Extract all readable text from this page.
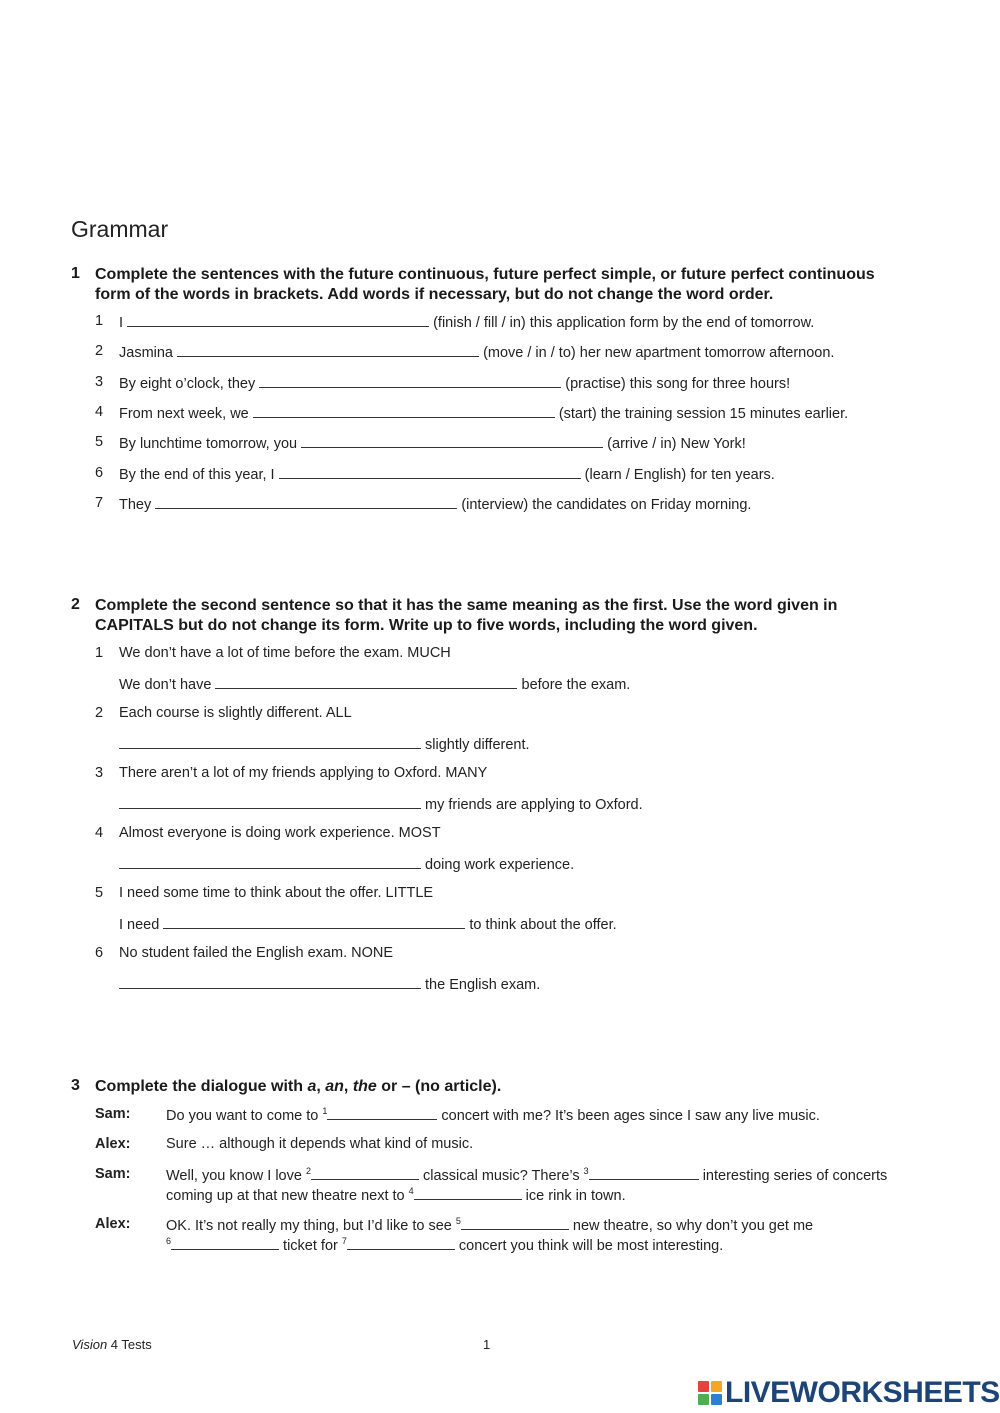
Grammar
1 Complete the sentences with the future continuous, future perfect simple, or future perfect continuous
form of the words in brackets. Add words if necessary, but do not change the word order.
1 I	(finish / fill / in) this application form by the end of tomorrow.
2 Jasmina	(move / in / to) her new apartment tomorrow afternoon.
3 By eight o’clock, they	(practise) this song for three hours!
4 From next week, we	(start) the training session 15 minutes earlier.
5 By lunchtime tomorrow, you	(arrive / in) New York!
6 By the end of this year, I	(learn / English) for ten years.
7 They	(interview) the candidates on Friday morning.
2 Complete the second sentence so that it has the same meaning as the first. Use the word given in
CAPITALS but do not change its form. Write up to five words, including the word given.
1 We don’t have a lot of time before the exam. MUCH
We don’t have	before the exam.
2 Each course is slightly different. ALL
slightly different.
3 There aren’t a lot of my friends applying to Oxford. MANY
my friends are applying to Oxford.
4 Almost everyone is doing work experience. MOST
doing work experience.
5 I need some time to think about the offer. LITTLE
I need	to think about the offer.
6 No student failed the English exam. NONE
the English exam.
3 Complete the dialogue with a, an, the or – (no article).
Sam: Do you want to come to $^1$	concert with me? It’s been ages since I saw any live music.
Alex: Sure … although it depends what kind of music.
Sam: Well, you know I love $^2$	classical music? There’s $^3$	interesting series of concerts
coming up at that new theatre next to $^4$	ice rink in town.
Alex: OK. It’s not really my thing, but I’d like to see $^5$	new theatre, so why don’t you get me
$^6$	ticket for $^7$	concert you think will be most interesting.
Vision 4 Tests	1
LIVEWORKSHEETS
